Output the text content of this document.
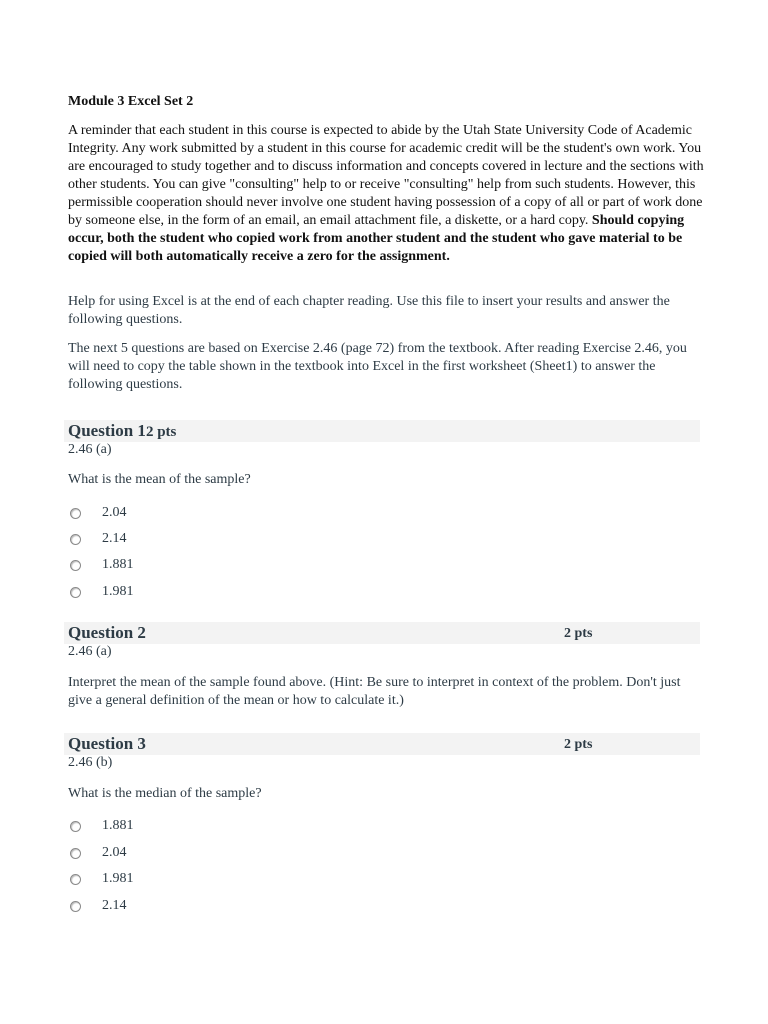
Module 3 Excel Set 2

A reminder that each student in this course is expected to abide by the Utah State University Code of Academic Integrity. Any work submitted by a student in this course for academic credit will be the student's own work. You are encouraged to study together and to discuss information and concepts covered in lecture and the sections with other students. You can give "consulting" help to or receive "consulting" help from such students. However, this permissible cooperation should never involve one student having possession of a copy of all or part of work done by someone else, in the form of an email, an email attachment file, a diskette, or a hard copy. Should copying occur, both the student who copied work from another student and the student who gave material to be copied will both automatically receive a zero for the assignment.

Help for using Excel is at the end of each chapter reading. Use this file to insert your results and answer the following questions.
The next 5 questions are based on Exercise 2.46 (page 72) from the textbook. After reading Exercise 2.46, you will need to copy the table shown in the textbook into Excel in the first worksheet (Sheet1) to answer the following questions.
Question 12 pts
2.46 (a)
What is the mean of the sample?
2.04
2.14
1.881
1.981
Question 2	2 pts
2.46 (a)
Interpret the mean of the sample found above. (Hint: Be sure to interpret in context of the problem. Don't just give a general definition of the mean or how to calculate it.)
Question 3	2 pts
2.46 (b)
What is the median of the sample?
1.881
2.04
1.981
2.14
